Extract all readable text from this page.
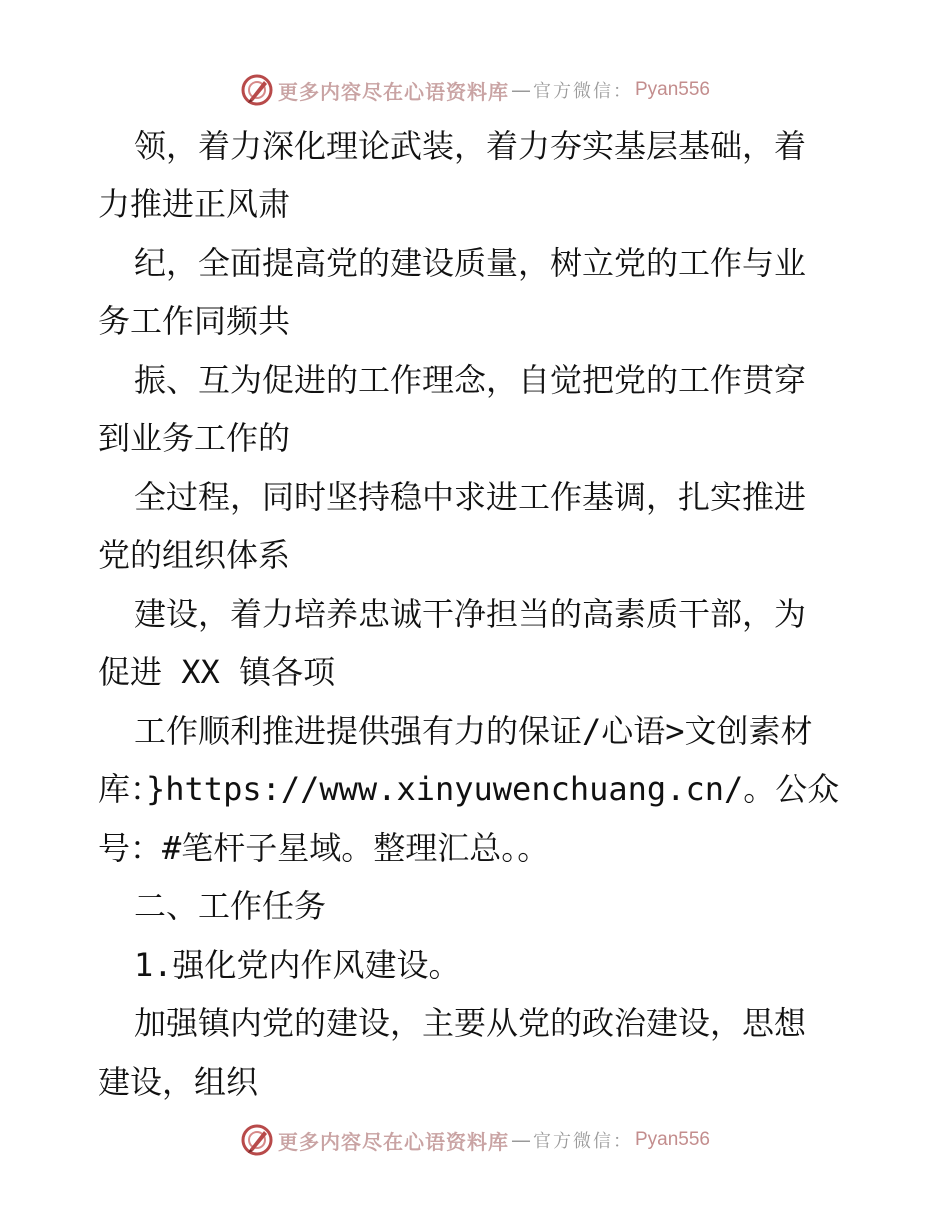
更多内容尽在心语资料库 — 官方微信： Pyan556
领，着力深化理论武装，着力夯实基层基础，着
力推进正风肃
纪，全面提高党的建设质量，树立党的工作与业
务工作同频共
振、互为促进的工作理念，自觉把党的工作贯穿
到业务工作的
全过程，同时坚持稳中求进工作基调，扎实推进
党的组织体系
建设，着力培养忠诚干净担当的高素质干部，为
促进 XX 镇各项
工作顺利推进提供强有力的保证/心语>文创素材
库：}https://www.xinyuwenchuang.cn/。公众
号：#笔杆子星域。整理汇总。。
二、工作任务
1.强化党内作风建设。
加强镇内党的建设，主要从党的政治建设，思想
建设，组织
更多内容尽在心语资料库 — 官方微信： Pyan556
